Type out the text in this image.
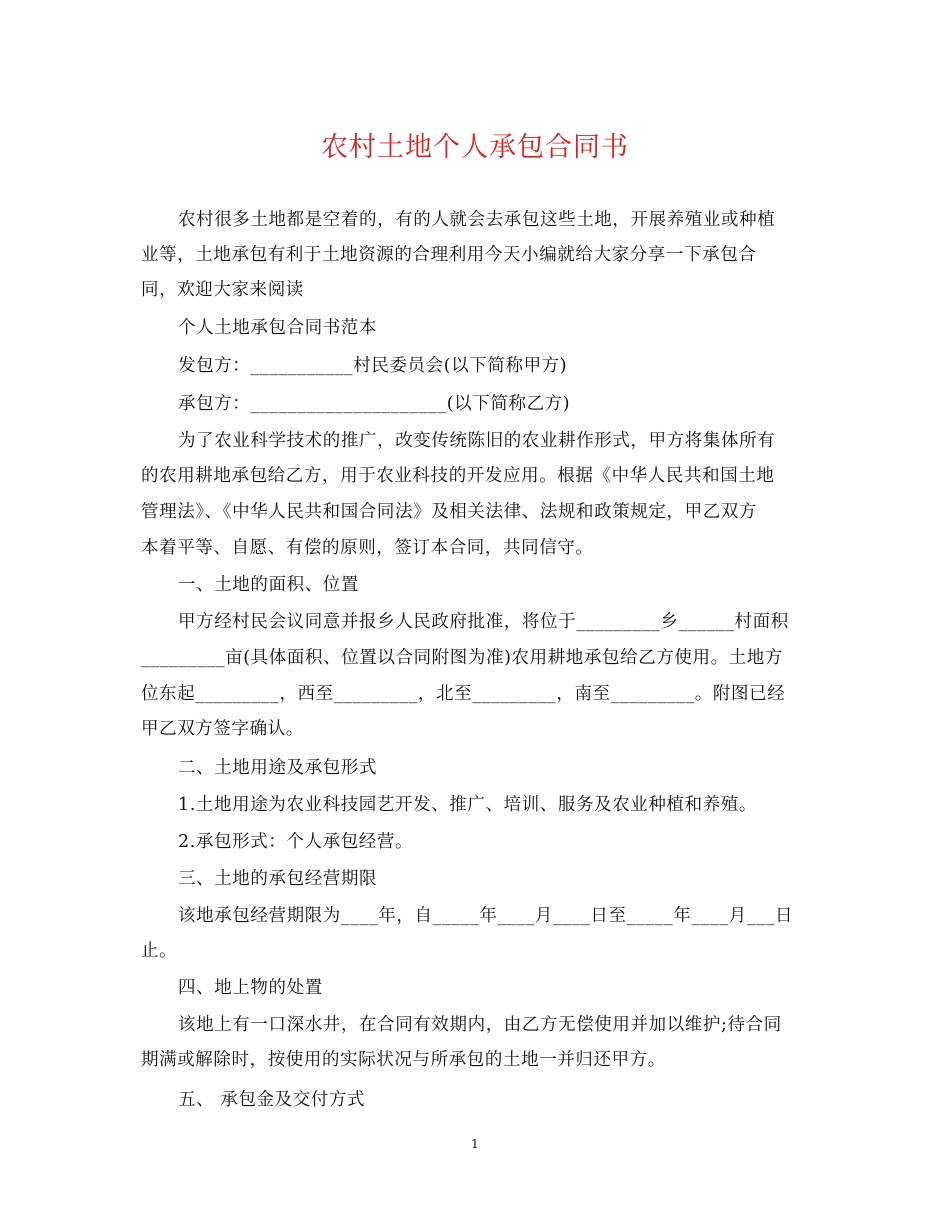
农村土地个人承包合同书
农村很多土地都是空着的，有的人就会去承包这些土地，开展养殖业或种植
业等，土地承包有利于土地资源的合理利用今天小编就给大家分享一下承包合
同，欢迎大家来阅读
个人土地承包合同书范本
发包方：___________村民委员会(以下简称甲方)
承包方：_____________________(以下简称乙方)
为了农业科学技术的推广，改变传统陈旧的农业耕作形式，甲方将集体所有
的农用耕地承包给乙方，用于农业科技的开发应用。根据《中华人民共和国土地
管理法》、《中华人民共和国合同法》及相关法律、法规和政策规定，甲乙双方
本着平等、自愿、有偿的原则，签订本合同，共同信守。
一、土地的面积、位置
甲方经村民会议同意并报乡人民政府批准，将位于_________乡______村面积
_________亩(具体面积、位置以合同附图为准)农用耕地承包给乙方使用。土地方
位东起_________，西至_________，北至_________，南至_________。附图已经
甲乙双方签字确认。
二、土地用途及承包形式
1.土地用途为农业科技园艺开发、推广、培训、服务及农业种植和养殖。
2.承包形式：个人承包经营。
三、土地的承包经营期限
该地承包经营期限为____年，自_____年____月____日至_____年____月___日
止。
四、地上物的处置
该地上有一口深水井，在合同有效期内，由乙方无偿使用并加以维护;待合同
期满或解除时，按使用的实际状况与所承包的土地一并归还甲方。
五、 承包金及交付方式
1
